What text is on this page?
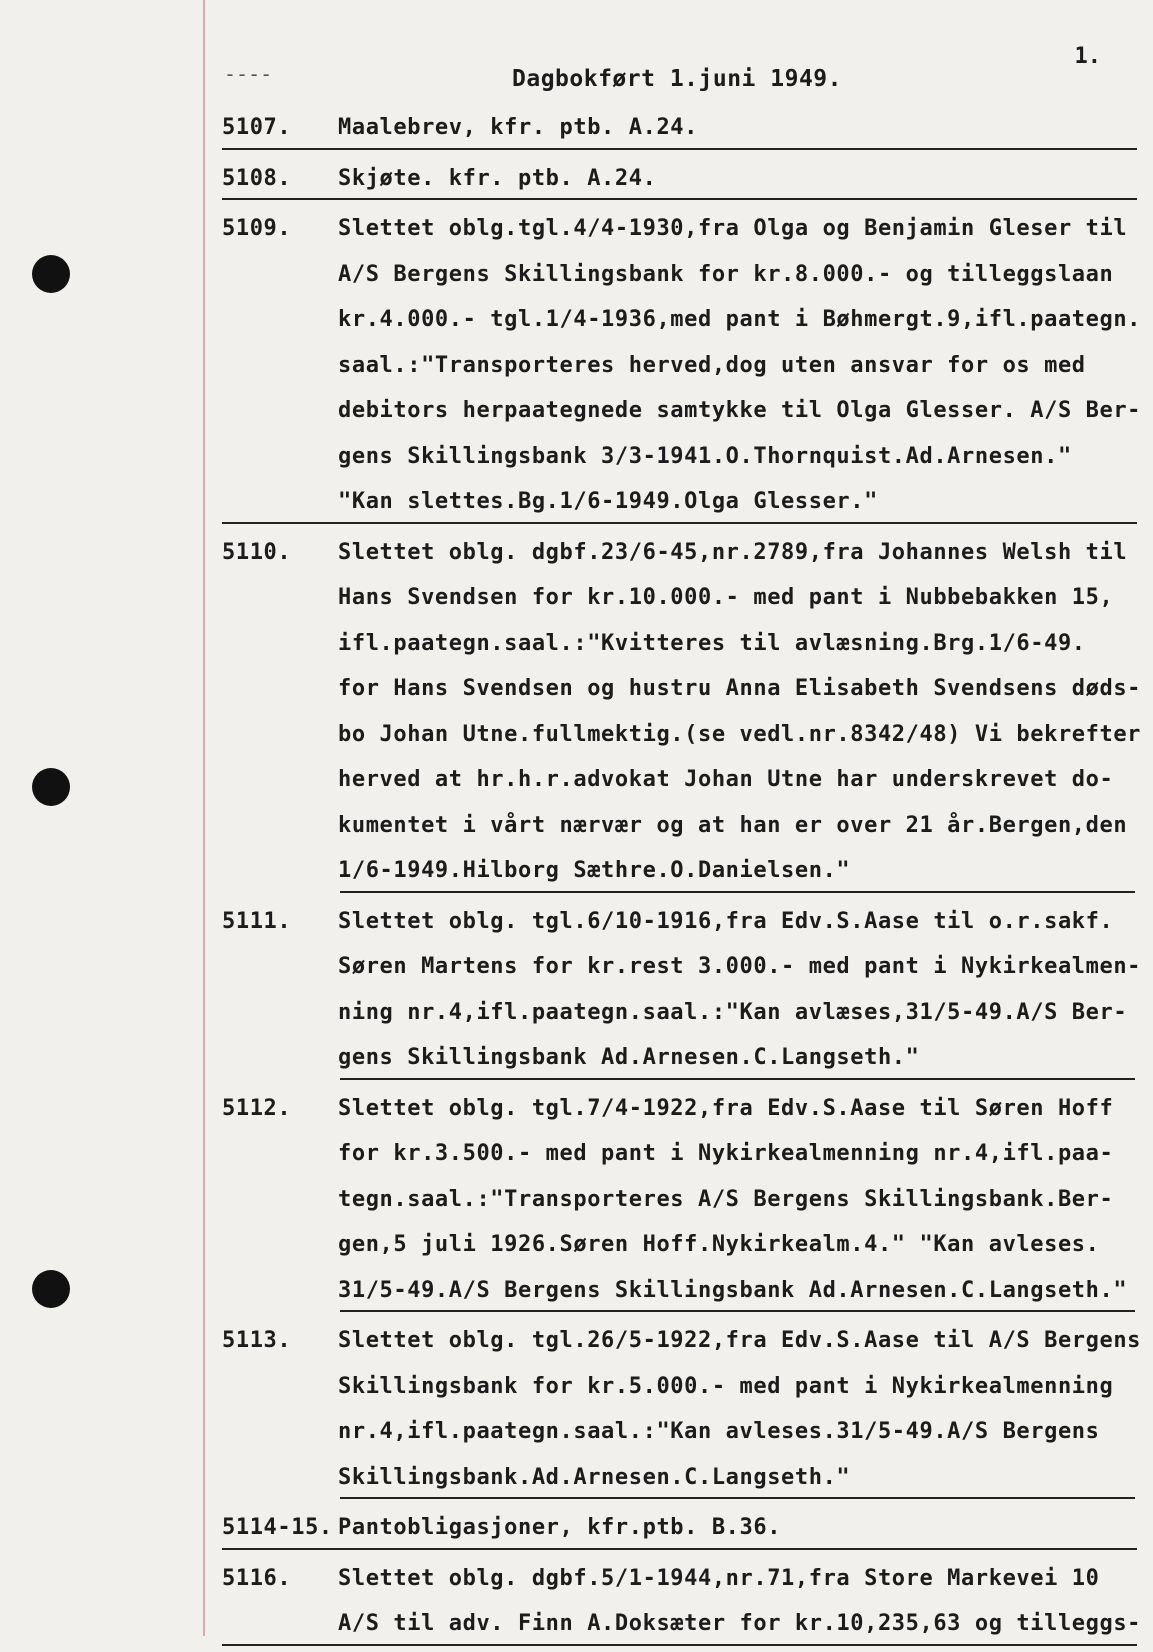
1.
----	Dagbokført 1.juni 1949.
5107.	Maalebrev, kfr. ptb. A.24.
5108.	Skjøte. kfr. ptb. A.24.
5109.	Slettet oblg.tgl.4/4-1930,fra Olga og Benjamin Gleser til
A/S Bergens Skillingsbank for kr.8.000.- og tilleggslaan
kr.4.000.- tgl.1/4-1936,med pant i Bøhmergt.9,ifl.paategn.
saal.:"Transporteres herved,dog uten ansvar for os med
debitors herpaategnede samtykke til Olga Glesser. A/S Ber-
gens Skillingsbank 3/3-1941.O.Thornquist.Ad.Arnesen."
"Kan slettes.Bg.1/6-1949.Olga Glesser."
5110.	Slettet oblg. dgbf.23/6-45,nr.2789,fra Johannes Welsh til
Hans Svendsen for kr.10.000.- med pant i Nubbebakken 15,
ifl.paategn.saal.:"Kvitteres til avlæsning.Brg.1/6-49.
for Hans Svendsen og hustru Anna Elisabeth Svendsens døds-
bo Johan Utne.fullmektig.(se vedl.nr.8342/48) Vi bekrefter
herved at hr.h.r.advokat Johan Utne har underskrevet do-
kumentet i vårt nærvær og at han er over 21 år.Bergen,den
1/6-1949.Hilborg Sæthre.O.Danielsen."
5111.	Slettet oblg. tgl.6/10-1916,fra Edv.S.Aase til o.r.sakf.
Søren Martens for kr.rest 3.000.- med pant i Nykirkealmen-
ning nr.4,ifl.paategn.saal.:"Kan avlæses,31/5-49.A/S Ber-
gens Skillingsbank Ad.Arnesen.C.Langseth."
5112.	Slettet oblg. tgl.7/4-1922,fra Edv.S.Aase til Søren Hoff
for kr.3.500.- med pant i Nykirkealmenning nr.4,ifl.paa-
tegn.saal.:"Transporteres A/S Bergens Skillingsbank.Ber-
gen,5 juli 1926.Søren Hoff.Nykirkealm.4." "Kan avleses.
31/5-49.A/S Bergens Skillingsbank Ad.Arnesen.C.Langseth."
5113.	Slettet oblg. tgl.26/5-1922,fra Edv.S.Aase til A/S Bergens
Skillingsbank for kr.5.000.- med pant i Nykirkealmenning
nr.4,ifl.paategn.saal.:"Kan avleses.31/5-49.A/S Bergens
Skillingsbank.Ad.Arnesen.C.Langseth."
5114-15. Pantobligasjoner, kfr.ptb. B.36.
5116.	Slettet oblg. dgbf.5/1-1944,nr.71,fra Store Markevei 10
A/S til adv. Finn A.Doksæter for kr.10,235,63 og tilleggs-
